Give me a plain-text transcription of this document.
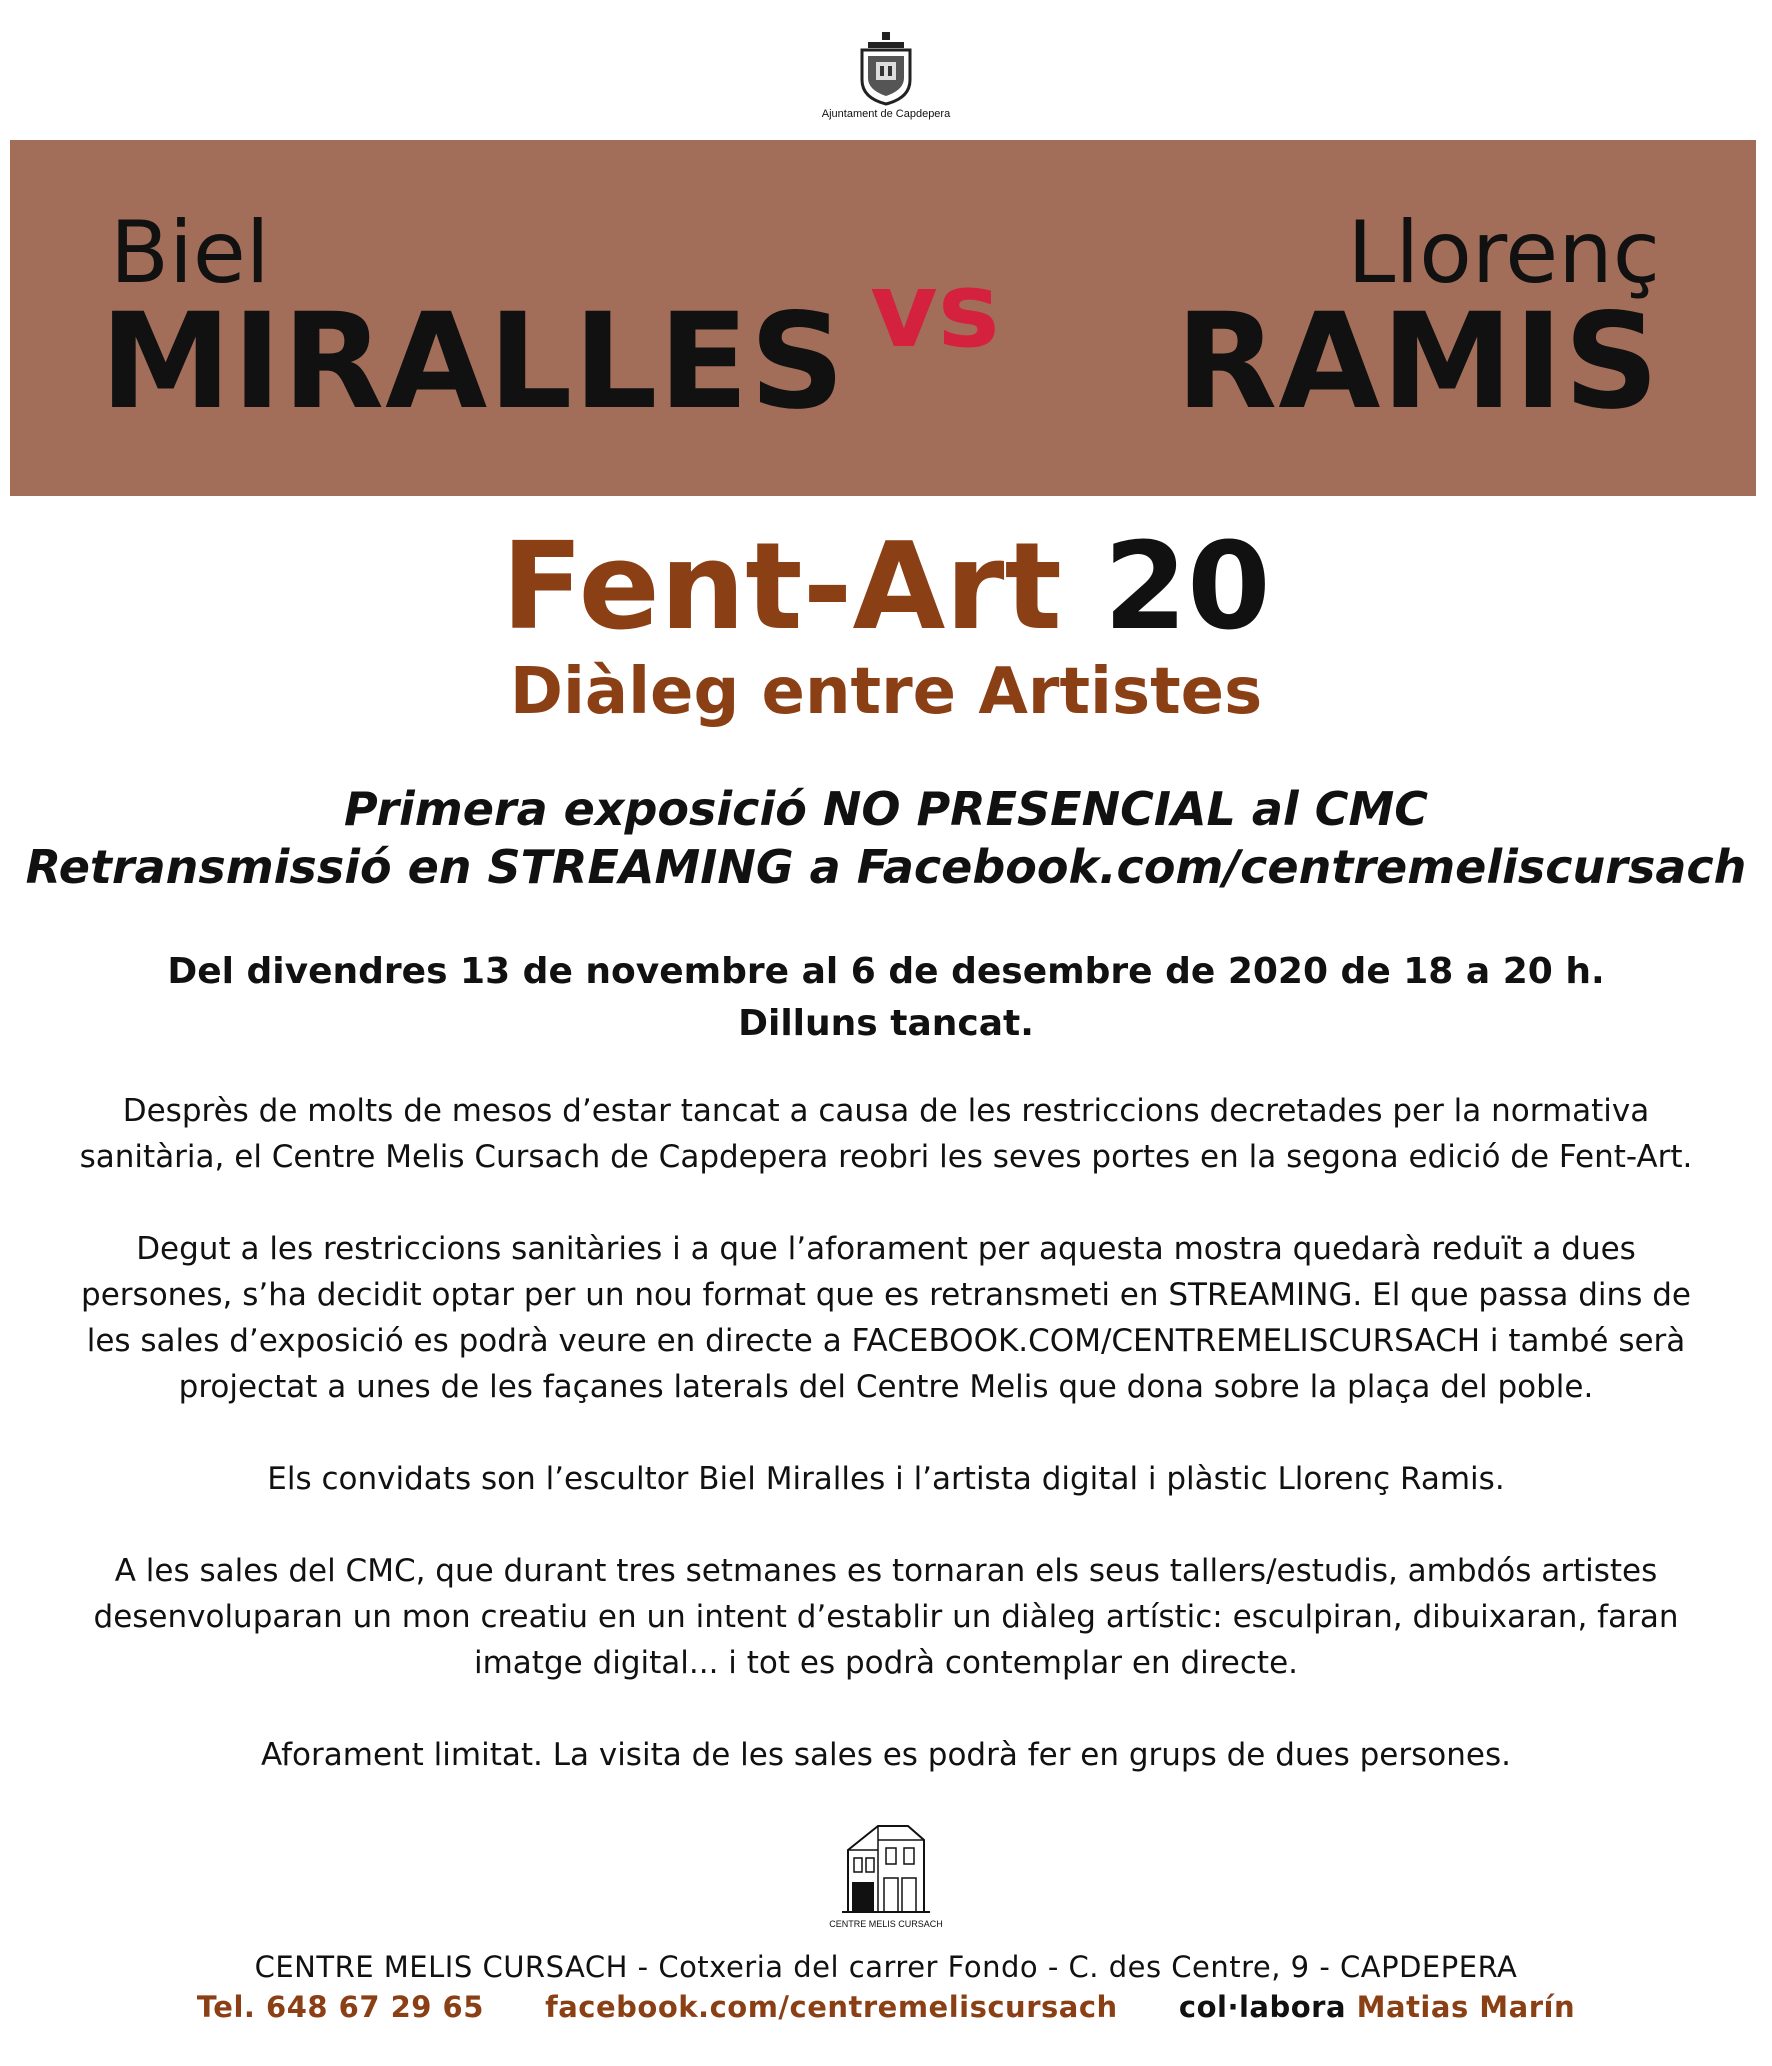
Ajuntament de Capdepera
Biel
MIRALLES vs	Llorenç
RAMIS
Fent-Art 20
Diàleg entre Artistes
Primera exposició NO PRESENCIAL al CMC
Retransmissió en STREAMING a Facebook.com/centremeliscursach
Del divendres 13 de novembre al 6 de desembre de 2020 de 18 a 20 h.
Dilluns tancat.

Desprès de molts de mesos d’estar tancat a causa de les restriccions decretades per la normativa sanitària, el Centre Melis Cursach de Capdepera reobri les seves portes en la segona edició de Fent-Art.

Degut a les restriccions sanitàries i a que l’aforament per aquesta mostra quedarà reduït a dues persones, s’ha decidit optar per un nou format que es retransmeti en STREAMING. El que passa dins de les sales d’exposició es podrà veure en directe a FACEBOOK.COM/CENTREMELISCURSACH i també serà projectat a unes de les façanes laterals del Centre Melis que dona sobre la plaça del poble.

Els convidats son l’escultor Biel Miralles i l’artista digital i plàstic Llorenç Ramis.

A les sales del CMC, que durant tres setmanes es tornaran els seus tallers/estudis, ambdós artistes desenvoluparan un mon creatiu en un intent d’establir un diàleg artístic: esculpiran, dibuixaran, faran imatge digital... i tot es podrà contemplar en directe.

Aforament limitat. La visita de les sales es podrà fer en grups de dues persones.

CENTRE MELIS CURSACH
CENTRE MELIS CURSACH - Cotxeria del carrer Fondo - C. des Centre, 9 - CAPDEPERA
Tel. 648 67 29 65 facebook.com/centremeliscursach col·labora Matias Marín
